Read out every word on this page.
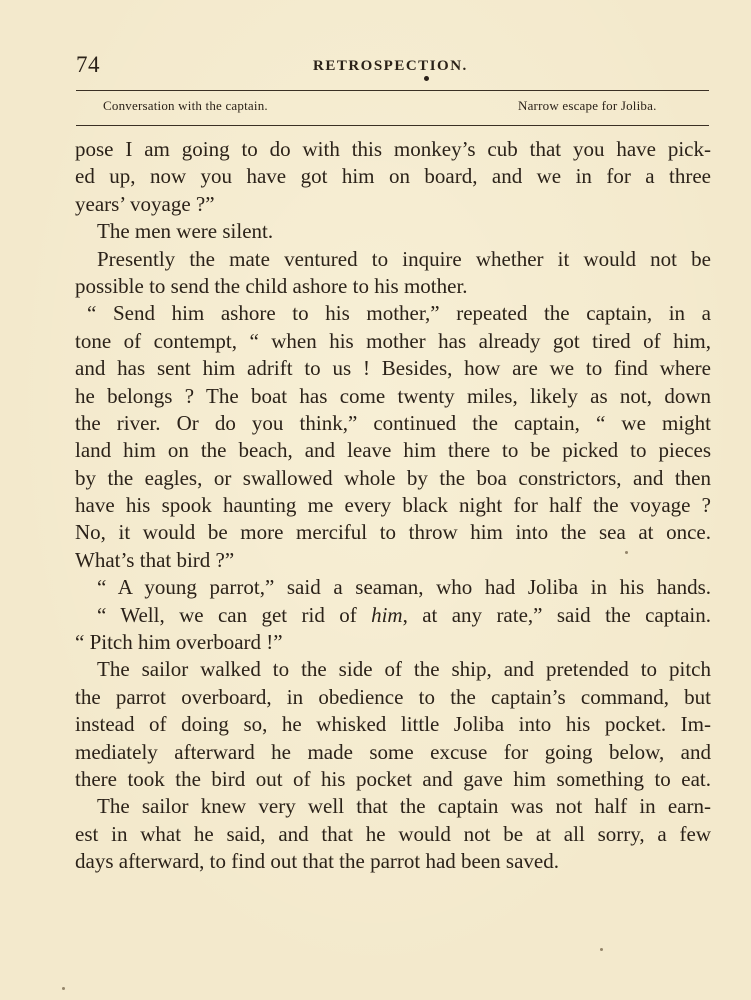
74	RETROSPECTION.
Conversation with the captain.	Narrow escape for Joliba.
pose I am going to do with this monkey’s cub that you have pick-
ed up, now you have got him on board, and we in for a three
years’ voyage ?”
The men were silent.
Presently the mate ventured to inquire whether it would not be
possible to send the child ashore to his mother.
“ Send him ashore to his mother,” repeated the captain, in a
tone of contempt, “ when his mother has already got tired of him,
and has sent him adrift to us ! Besides, how are we to find where
he belongs ? The boat has come twenty miles, likely as not, down
the river. Or do you think,” continued the captain, “ we might
land him on the beach, and leave him there to be picked to pieces
by the eagles, or swallowed whole by the boa constrictors, and then
have his spook haunting me every black night for half the voyage ?
No, it would be more merciful to throw him into the sea at once.
What’s that bird ?”
“ A young parrot,” said a seaman, who had Joliba in his hands.
“ Well, we can get rid of him, at any rate,” said the captain.
“ Pitch him overboard !”
The sailor walked to the side of the ship, and pretended to pitch
the parrot overboard, in obedience to the captain’s command, but
instead of doing so, he whisked little Joliba into his pocket. Im-
mediately afterward he made some excuse for going below, and
there took the bird out of his pocket and gave him something to eat.
The sailor knew very well that the captain was not half in earn-
est in what he said, and that he would not be at all sorry, a few
days afterward, to find out that the parrot had been saved.
